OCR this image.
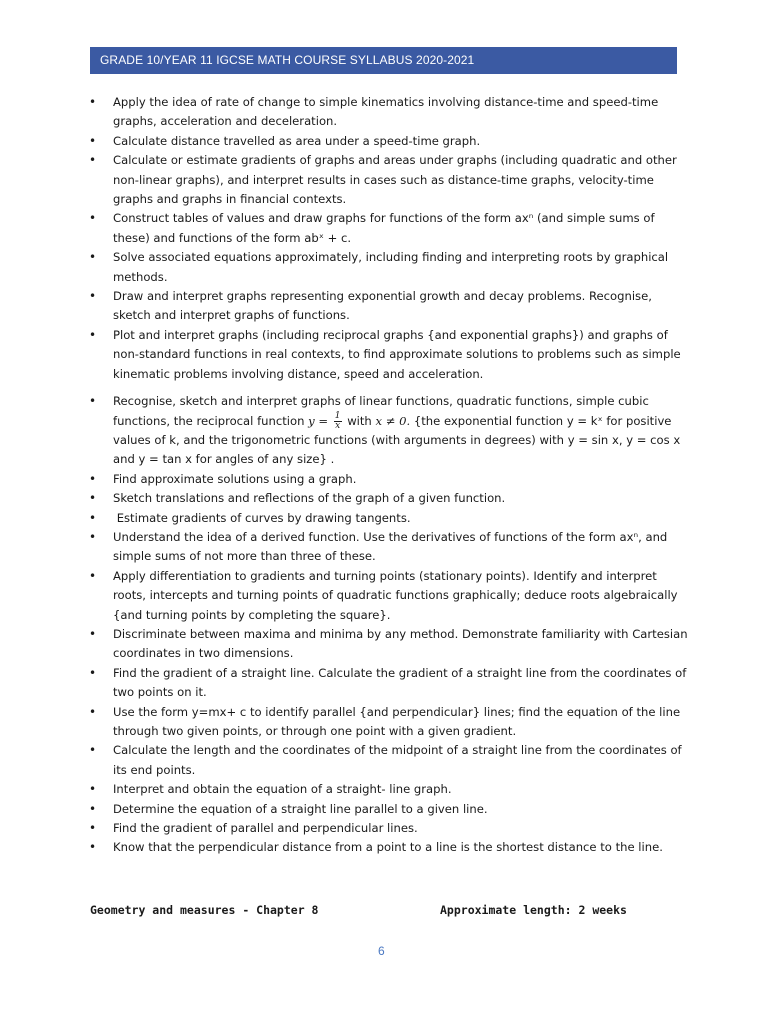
GRADE 10/YEAR 11 IGCSE MATH COURSE SYLLABUS 2020-2021
• Apply the idea of rate of change to simple kinematics involving distance-time and speed-time graphs, acceleration and deceleration.
• Calculate distance travelled as area under a speed-time graph.
• Calculate or estimate gradients of graphs and areas under graphs (including quadratic and other non-linear graphs), and interpret results in cases such as distance-time graphs, velocity-time graphs and graphs in financial contexts.
• Construct tables of values and draw graphs for functions of the form axⁿ (and simple sums of these) and functions of the form abˣ + c.
• Solve associated equations approximately, including finding and interpreting roots by graphical methods.
• Draw and interpret graphs representing exponential growth and decay problems. Recognise, sketch and interpret graphs of functions.
• Plot and interpret graphs (including reciprocal graphs {and exponential graphs}) and graphs of non-standard functions in real contexts, to find approximate solutions to problems such as simple kinematic problems involving distance, speed and acceleration.
• Recognise, sketch and interpret graphs of linear functions, quadratic functions, simple cubic functions, the reciprocal function $y = \frac{1}{x}$ with x ≠ 0. {the exponential function y = kˣ for positive values of k, and the trigonometric functions (with arguments in degrees) with y = sin x, y = cos x and y = tan x for angles of any size} .
• Find approximate solutions using a graph.
• Sketch translations and reflections of the graph of a given function.
•  Estimate gradients of curves by drawing tangents.
• Understand the idea of a derived function. Use the derivatives of functions of the form axⁿ, and simple sums of not more than three of these.
• Apply differentiation to gradients and turning points (stationary points). Identify and interpret roots, intercepts and turning points of quadratic functions graphically; deduce roots algebraically {and turning points by completing the square}.
• Discriminate between maxima and minima by any method. Demonstrate familiarity with Cartesian coordinates in two dimensions.
• Find the gradient of a straight line. Calculate the gradient of a straight line from the coordinates of two points on it.
• Use the form y=mx+ c to identify parallel {and perpendicular} lines; find the equation of the line through two given points, or through one point with a given gradient.
• Calculate the length and the coordinates of the midpoint of a straight line from the coordinates of its end points.
• Interpret and obtain the equation of a straight- line graph.
• Determine the equation of a straight line parallel to a given line.
• Find the gradient of parallel and perpendicular lines.
• Know that the perpendicular distance from a point to a line is the shortest distance to the line.
Geometry and measures - Chapter 8	Approximate length: 2 weeks
6
